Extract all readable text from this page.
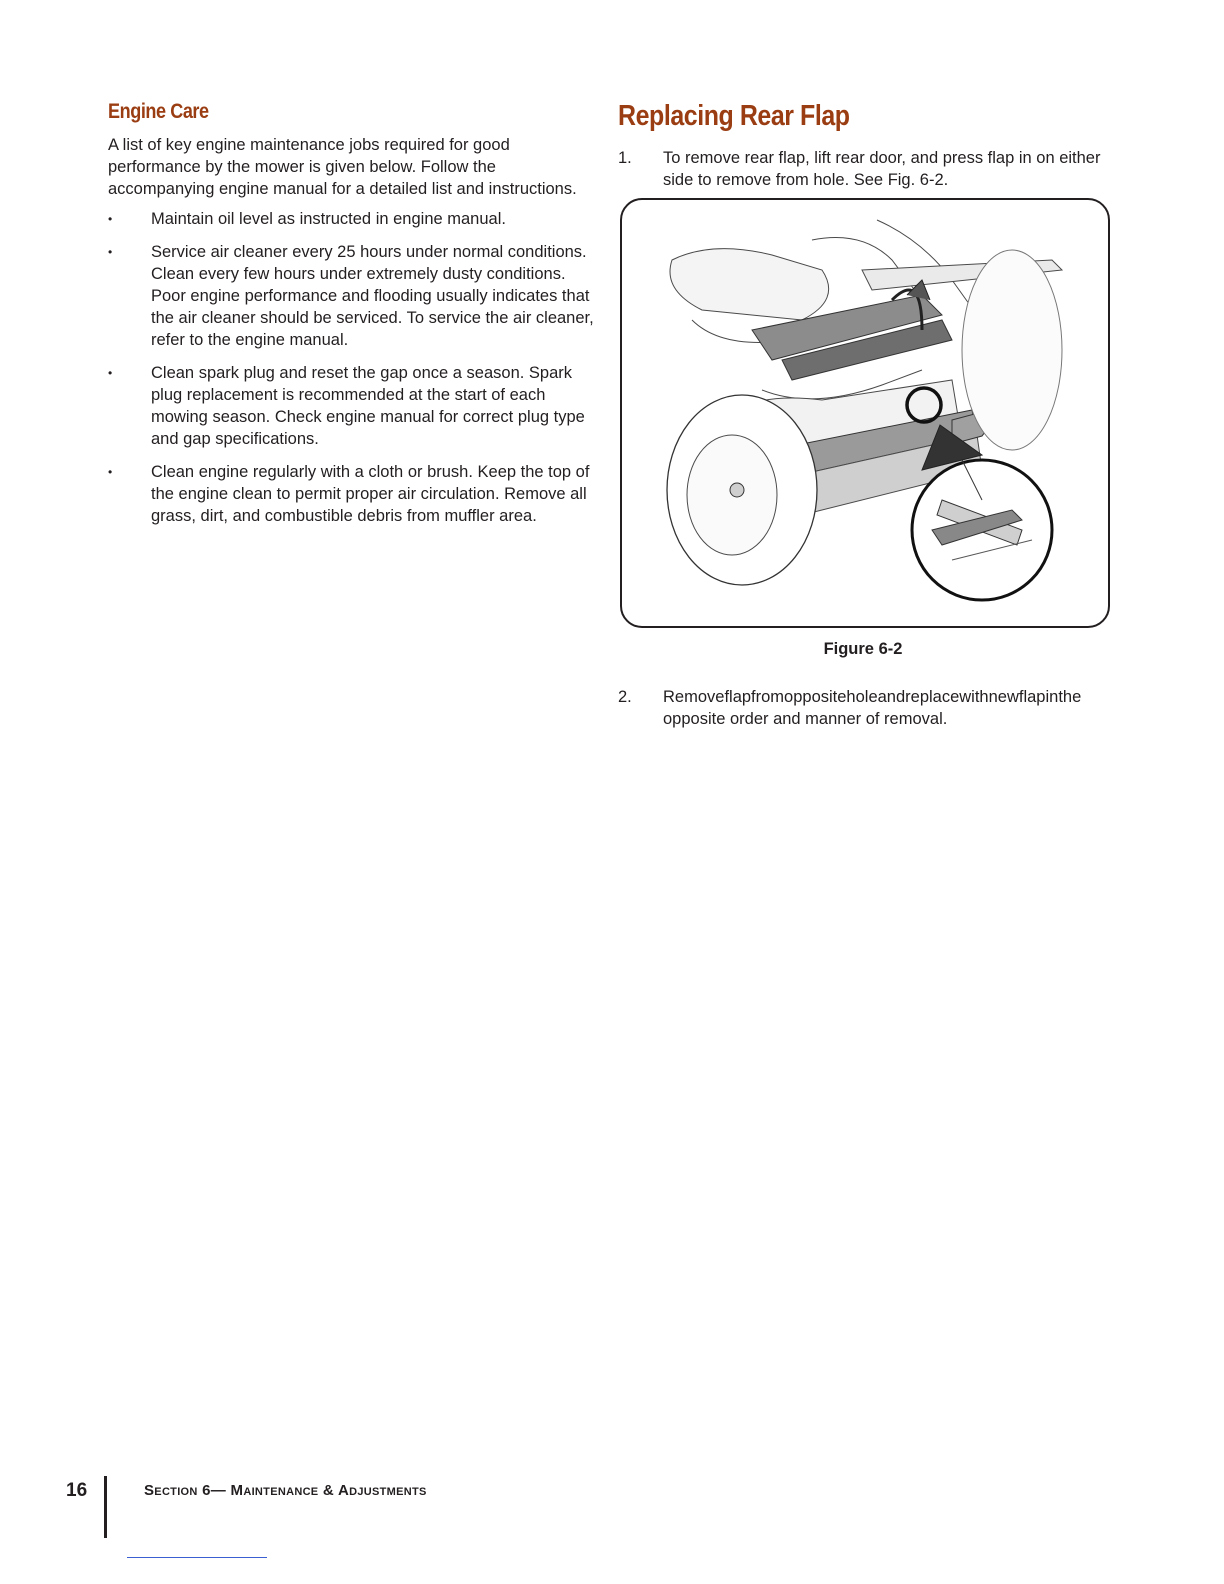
Engine Care

A list of key engine maintenance jobs required for good performance by the mower is given below. Follow the accompanying engine manual for a detailed list and instructions.

• Maintain oil level as instructed in engine manual.
• Service air cleaner every 25 hours under normal conditions. Clean every few hours under extremely dusty conditions. Poor engine performance and flooding usually indicates that the air cleaner should be serviced. To service the air cleaner, refer to the engine manual.
• Clean spark plug and reset the gap once a season. Spark plug replacement is recommended at the start of each mowing season. Check engine manual for correct plug type and gap specifications.
• Clean engine regularly with a cloth or brush. Keep the top of the engine clean to permit proper air circulation. Remove all grass, dirt, and combustible debris from muffler area.
Replacing Rear Flap
1. To remove rear flap, lift rear door, and press flap in on either side to remove from hole. See Fig. 6-2.
Figure 6-2
2. Removeflapfromoppositeholeandreplacewithnewflapinthe opposite order and manner of removal.
16	Section 6— Maintenance & Adjustments
